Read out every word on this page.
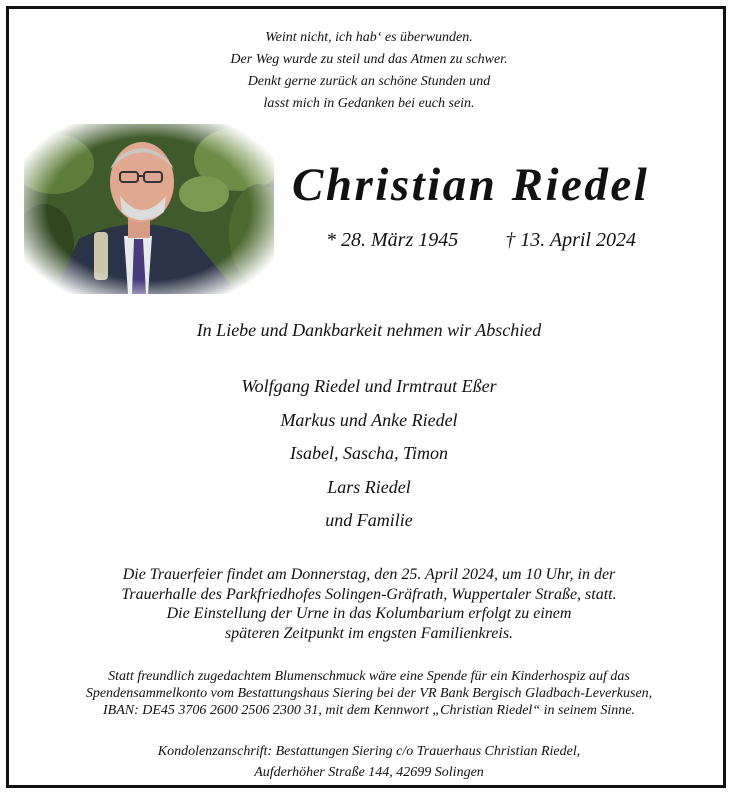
Weint nicht, ich hab‘ es überwunden.
Der Weg wurde zu steil und das Atmen zu schwer.
Denkt gerne zurück an schöne Stunden und
lasst mich in Gedanken bei euch sein.
Christian Riedel
* 28. März 1945 † 13. April 2024
In Liebe und Dankbarkeit nehmen wir Abschied
Wolfgang Riedel und Irmtraut Eßer
Markus und Anke Riedel
Isabel, Sascha, Timon
Lars Riedel
und Familie
Die Trauerfeier findet am Donnerstag, den 25. April 2024, um 10 Uhr, in der
Trauerhalle des Parkfriedhofes Solingen-Gräfrath, Wuppertaler Straße, statt.
Die Einstellung der Urne in das Kolumbarium erfolgt zu einem
späteren Zeitpunkt im engsten Familienkreis.
Statt freundlich zugedachtem Blumenschmuck wäre eine Spende für ein Kinderhospiz auf das
Spendensammelkonto vom Bestattungshaus Siering bei der VR Bank Bergisch Gladbach-Leverkusen,
IBAN: DE45 3706 2600 2506 2300 31, mit dem Kennwort „Christian Riedel“ in seinem Sinne.
Kondolenzanschrift: Bestattungen Siering c/o Trauerhaus Christian Riedel,
Aufderhöher Straße 144, 42699 Solingen
